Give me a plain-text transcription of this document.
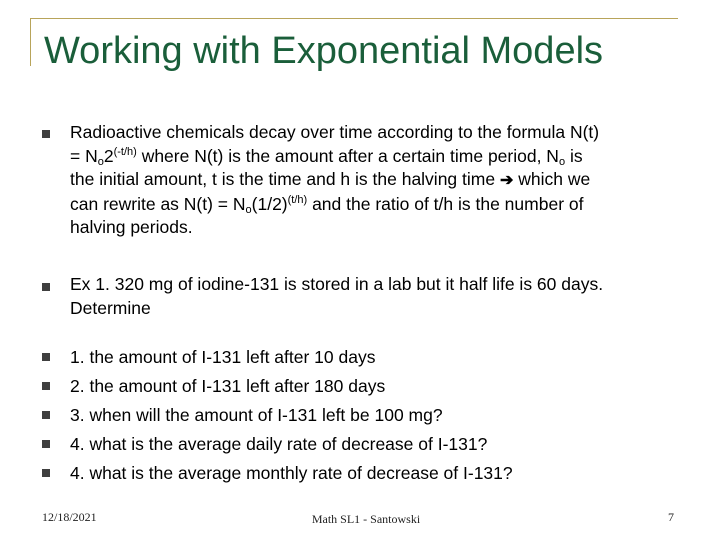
Working with Exponential Models
Radioactive chemicals decay over time according to the formula N(t)
= $N_o2^{(-t/h)}$ where N(t) is the amount after a certain time period, $N_o$ is
the initial amount, t is the time and h is the halving time ➔ which we
can rewrite as $N(t) = N_o(1/2)^{(t/h)}$ and the ratio of t/h is the number of
halving periods.
Ex 1. 320 mg of iodine-131 is stored in a lab but it half life is 60 days.
Determine
1. the amount of I-131 left after 10 days
2. the amount of I-131 left after 180 days
3. when will the amount of I-131 left be 100 mg?
4. what is the average daily rate of decrease of I-131?
4. what is the average monthly rate of decrease of I-131?
12/18/2021	Math SL1 - Santowski	7
